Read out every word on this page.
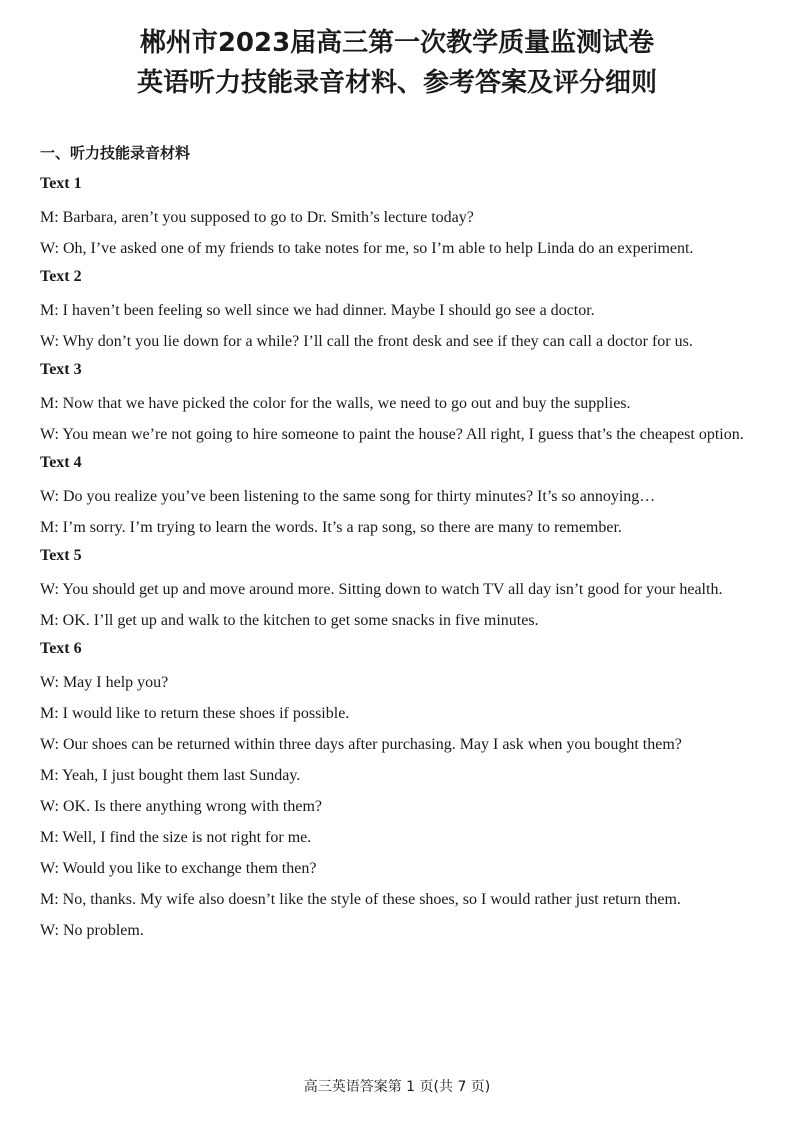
郴州市2023届高三第一次教学质量监测试卷
英语听力技能录音材料、参考答案及评分细则
一、听力技能录音材料
Text 1
M: Barbara, aren’t you supposed to go to Dr. Smith’s lecture today?
W: Oh, I’ve asked one of my friends to take notes for me, so I’m able to help Linda do an experiment.
Text 2
M: I haven’t been feeling so well since we had dinner. Maybe I should go see a doctor.
W: Why don’t you lie down for a while? I’ll call the front desk and see if they can call a doctor for us.
Text 3
M: Now that we have picked the color for the walls, we need to go out and buy the supplies.
W: You mean we’re not going to hire someone to paint the house? All right, I guess that’s the cheapest option.
Text 4
W: Do you realize you’ve been listening to the same song for thirty minutes? It’s so annoying…
M: I’m sorry. I’m trying to learn the words. It’s a rap song, so there are many to remember.
Text 5
W: You should get up and move around more. Sitting down to watch TV all day isn’t good for your health.
M: OK. I’ll get up and walk to the kitchen to get some snacks in five minutes.
Text 6
W: May I help you?
M: I would like to return these shoes if possible.
W: Our shoes can be returned within three days after purchasing. May I ask when you bought them?
M: Yeah, I just bought them last Sunday.
W: OK. Is there anything wrong with them?
M: Well, I find the size is not right for me.
W: Would you like to exchange them then?
M: No, thanks. My wife also doesn’t like the style of these shoes, so I would rather just return them.
W: No problem.
高三英语答案第 1 页(共 7 页)
